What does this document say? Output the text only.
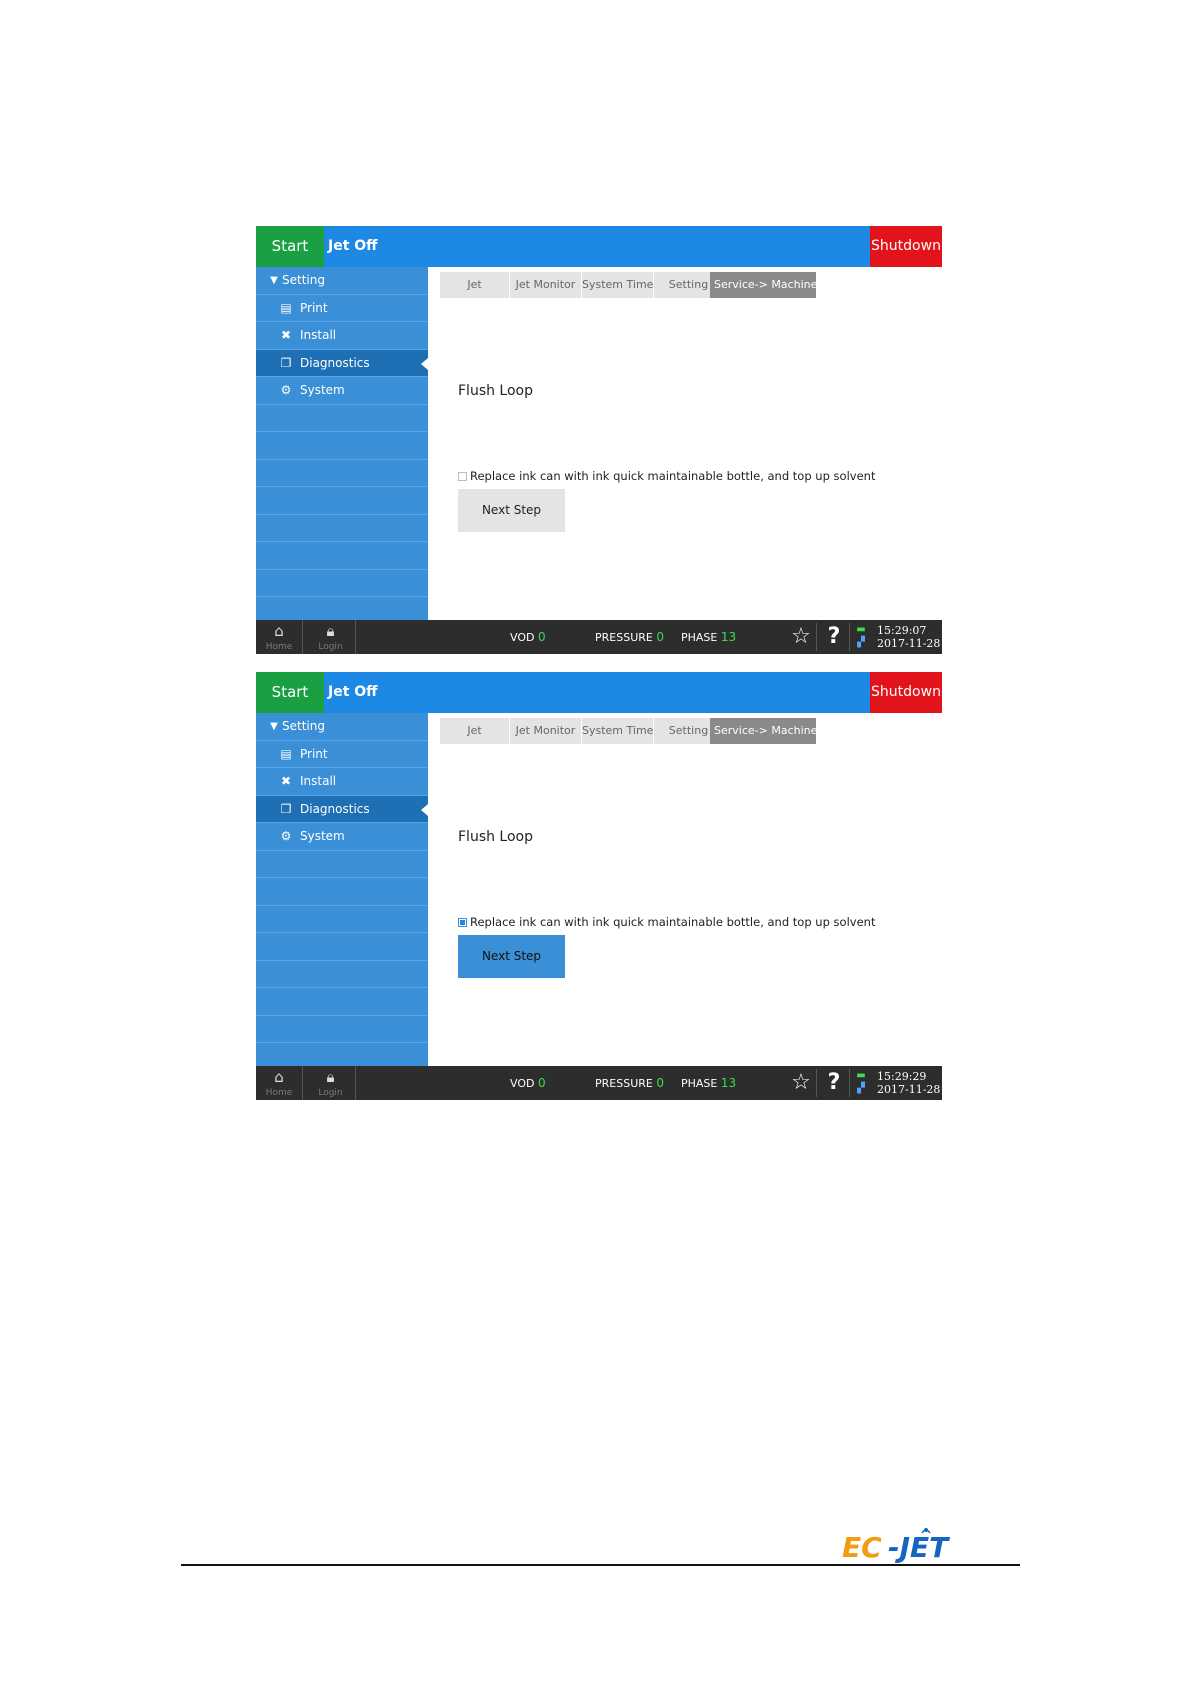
Start	Jet Off	Shutdown
▼ Setting
▤ Print
✖ Install
❐ Diagnostics
⚙ System
Jet	Jet Monitor System Time	Setting Service-> Machine Flu
Flush Loop
Replace ink can with ink quick maintainable bottle, and top up solvent
Next Step
⌂
Home
🔒︎
Login
VOD 0	PRESSURE 0 PHASE 13 ☆ ?	▬
▞
15:29:07
2017-11-28
Start	Jet Off	Shutdown
▼ Setting
▤ Print
✖ Install
❐ Diagnostics
⚙ System
Jet	Jet Monitor System Time	Setting Service-> Machine Flu
Flush Loop
Replace ink can with ink quick maintainable bottle, and top up solvent
Next Step
⌂
Home
🔒︎
Login
VOD 0	PRESSURE 0 PHASE 13 ☆ ?	▬
▞
15:29:29
2017-11-28
EC -JET
